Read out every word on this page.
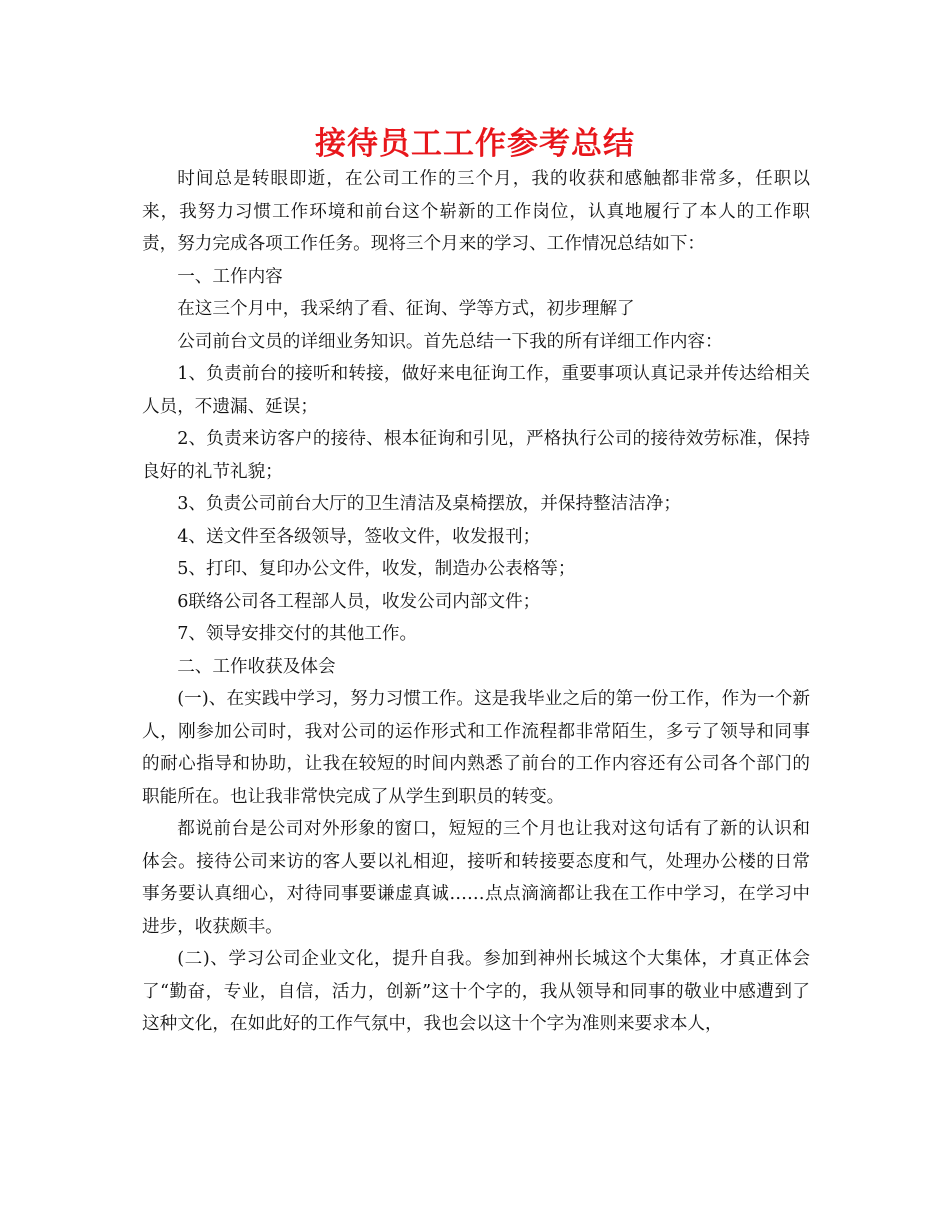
接待员工工作参考总结

时间总是转眼即逝，在公司工作的三个月，我的收获和感触都非常多，任职以来，我努力习惯工作环境和前台这个崭新的工作岗位，认真地履行了本人的工作职责，努力完成各项工作任务。现将三个月来的学习、工作情况总结如下：

一、工作内容

在这三个月中，我采纳了看、征询、学等方式，初步理解了

公司前台文员的详细业务知识。首先总结一下我的所有详细工作内容：

1、负责前台的接听和转接，做好来电征询工作，重要事项认真记录并传达给相关人员，不遗漏、延误；

2、负责来访客户的接待、根本征询和引见，严格执行公司的接待效劳标准，保持良好的礼节礼貌；

3、负责公司前台大厅的卫生清洁及桌椅摆放，并保持整洁洁净；

4、送文件至各级领导，签收文件，收发报刊；

5、打印、复印办公文件，收发，制造办公表格等；

6联络公司各工程部人员，收发公司内部文件；

7、领导安排交付的其他工作。

二、工作收获及体会

(一)、在实践中学习，努力习惯工作。这是我毕业之后的第一份工作，作为一个新人，刚参加公司时，我对公司的运作形式和工作流程都非常陌生，多亏了领导和同事的耐心指导和协助，让我在较短的时间内熟悉了前台的工作内容还有公司各个部门的职能所在。也让我非常快完成了从学生到职员的转变。

都说前台是公司对外形象的窗口，短短的三个月也让我对这句话有了新的认识和体会。接待公司来访的客人要以礼相迎，接听和转接要态度和气，处理办公楼的日常事务要认真细心，对待同事要谦虚真诚……点点滴滴都让我在工作中学习，在学习中进步，收获颇丰。

(二)、学习公司企业文化，提升自我。参加到神州长城这个大集体，才真正体会了“勤奋，专业，自信，活力，创新”这十个字的，我从领导和同事的敬业中感遭到了这种文化，在如此好的工作气氛中，我也会以这十个字为准则来要求本人，
